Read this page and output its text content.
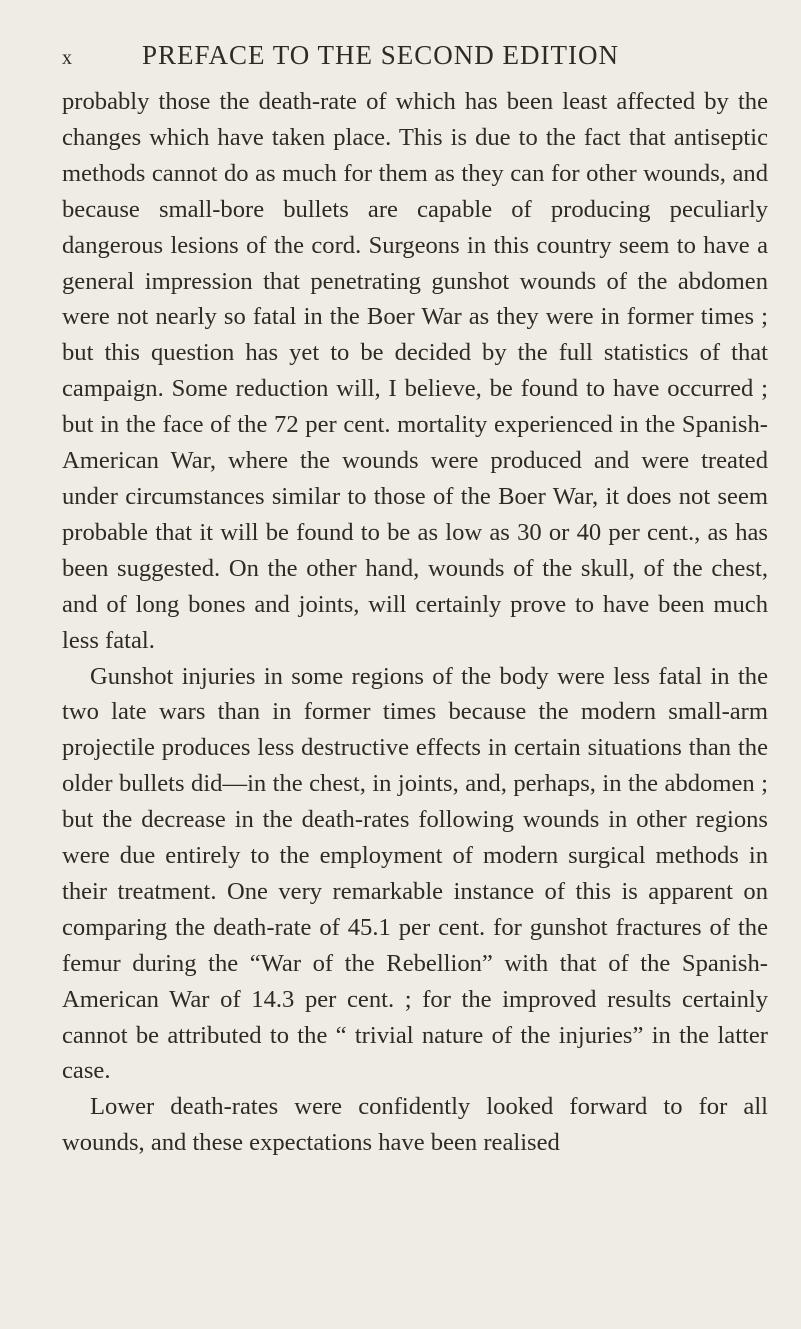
x	PREFACE TO THE SECOND EDITION

probably those the death-rate of which has been least affected by the changes which have taken place. This is due to the fact that antiseptic methods cannot do as much for them as they can for other wounds, and because small-bore bullets are capable of producing peculiarly dangerous lesions of the cord. Surgeons in this country seem to have a general impression that penetrating gunshot wounds of the abdomen were not nearly so fatal in the Boer War as they were in former times ; but this question has yet to be decided by the full statistics of that campaign. Some reduction will, I believe, be found to have occurred ; but in the face of the 72 per cent. mortality experienced in the Spanish-American War, where the wounds were produced and were treated under circumstances similar to those of the Boer War, it does not seem probable that it will be found to be as low as 30 or 40 per cent., as has been suggested. On the other hand, wounds of the skull, of the chest, and of long bones and joints, will certainly prove to have been much less fatal.

Gunshot injuries in some regions of the body were less fatal in the two late wars than in former times because the modern small-arm projectile produces less destructive effects in certain situations than the older bullets did—in the chest, in joints, and, perhaps, in the abdomen ; but the decrease in the death-rates following wounds in other regions were due entirely to the employment of modern surgical methods in their treatment. One very remarkable instance of this is apparent on comparing the death-rate of 45.1 per cent. for gunshot fractures of the femur during the “War of the Rebellion” with that of the Spanish-American War of 14.3 per cent. ; for the improved results certainly cannot be attributed to the “ trivial nature of the injuries” in the latter case.

Lower death-rates were confidently looked forward to for all wounds, and these expectations have been realised
